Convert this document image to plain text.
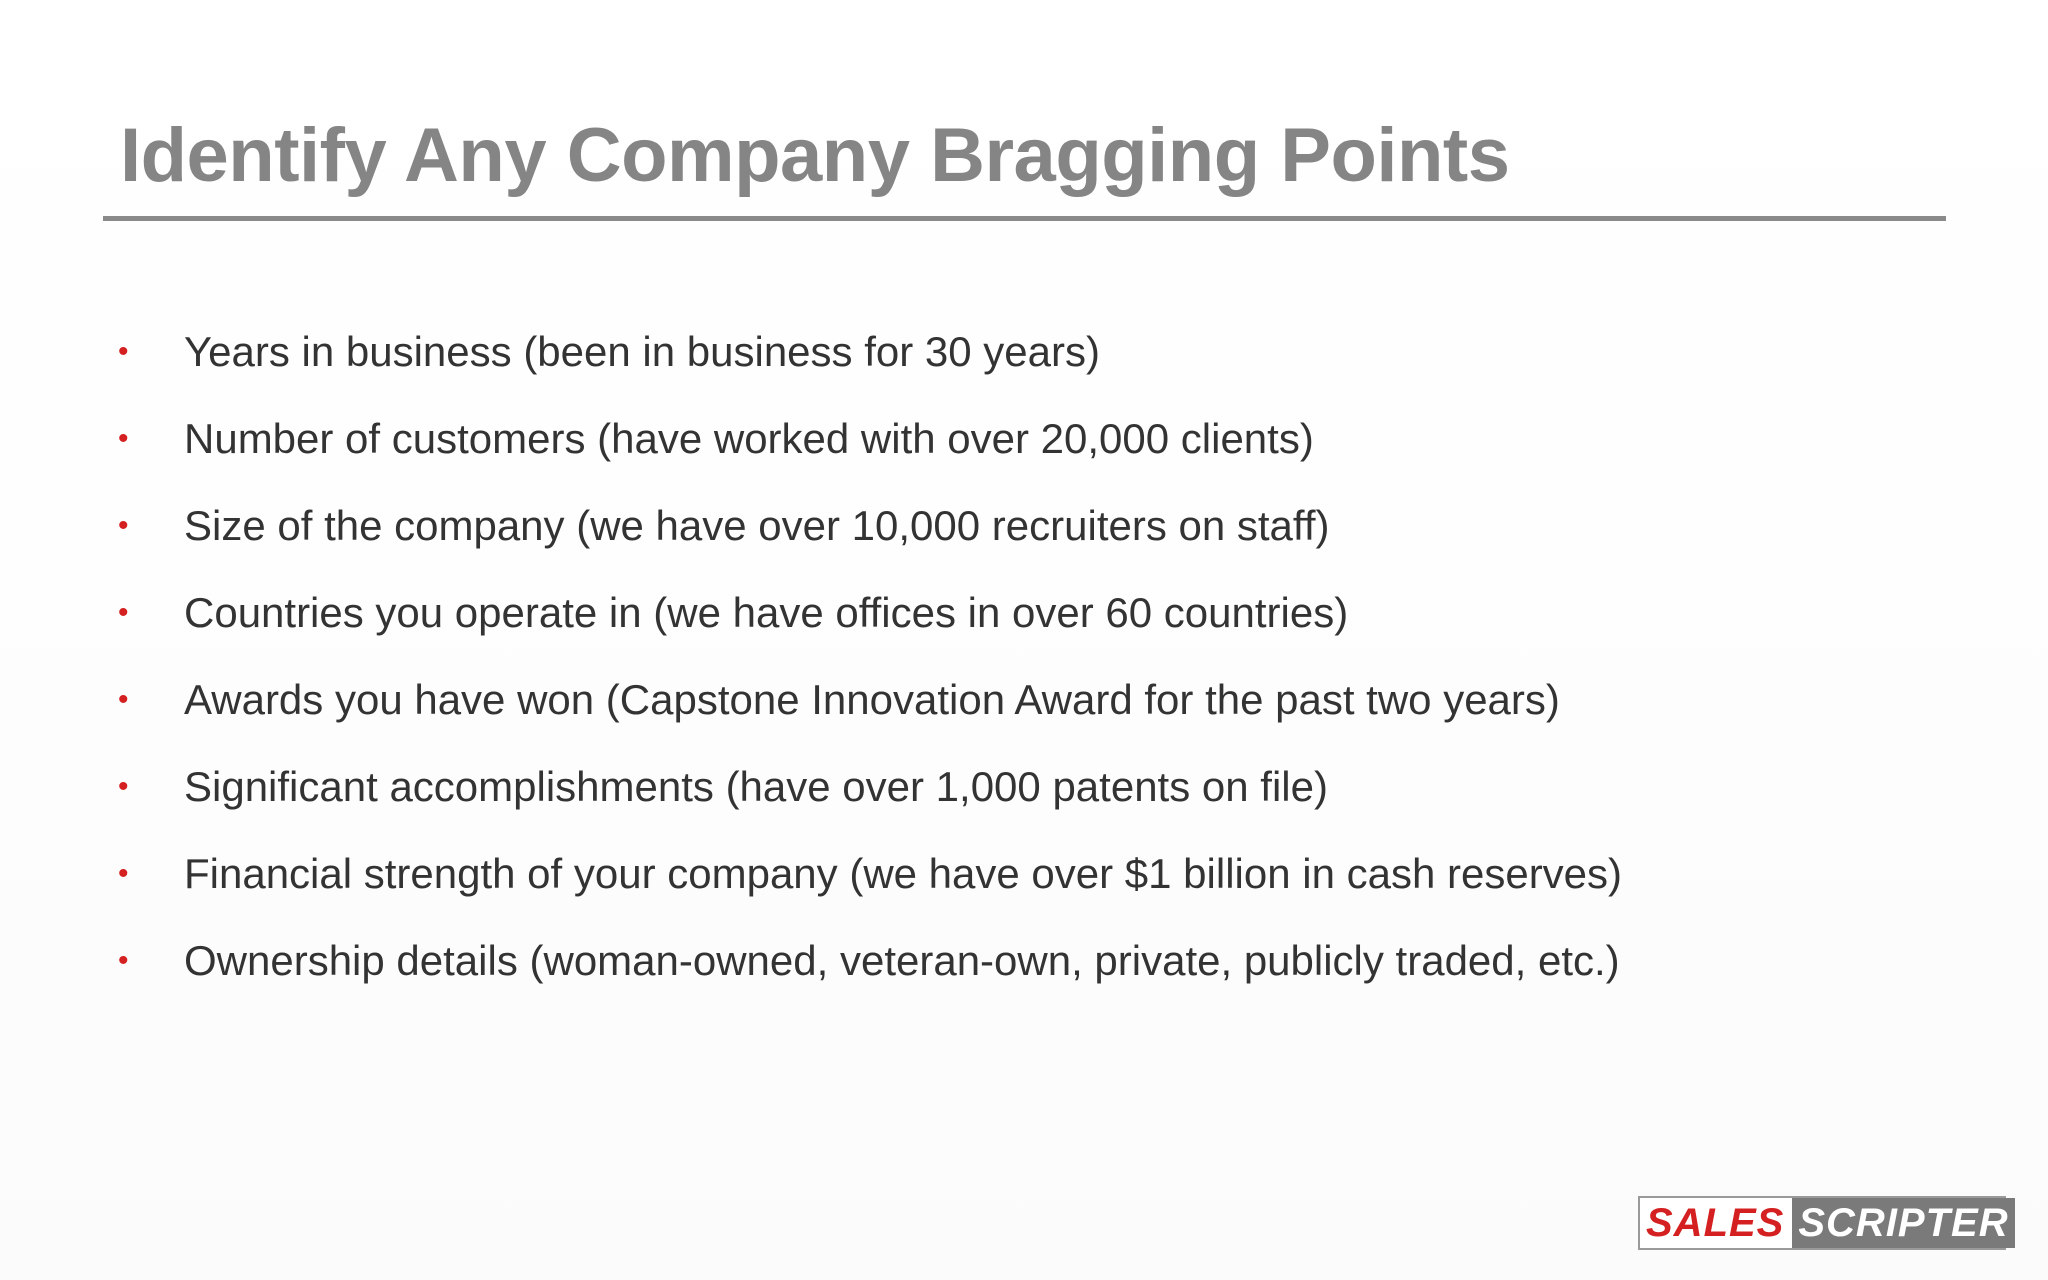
Identify Any Company Bragging Points
•	Years in business (been in business for 30 years)
•	Number of customers (have worked with over 20,000 clients)
•	Size of the company (we have over 10,000 recruiters on staff)
•	Countries you operate in (we have offices in over 60 countries)
•	Awards you have won (Capstone Innovation Award for the past two years)
•	Significant accomplishments (have over 1,000 patents on file)
•	Financial strength of your company (we have over $1 billion in cash reserves)
•	Ownership details (woman-owned, veteran-own, private, publicly traded, etc.)
SALES SCRIPTER
